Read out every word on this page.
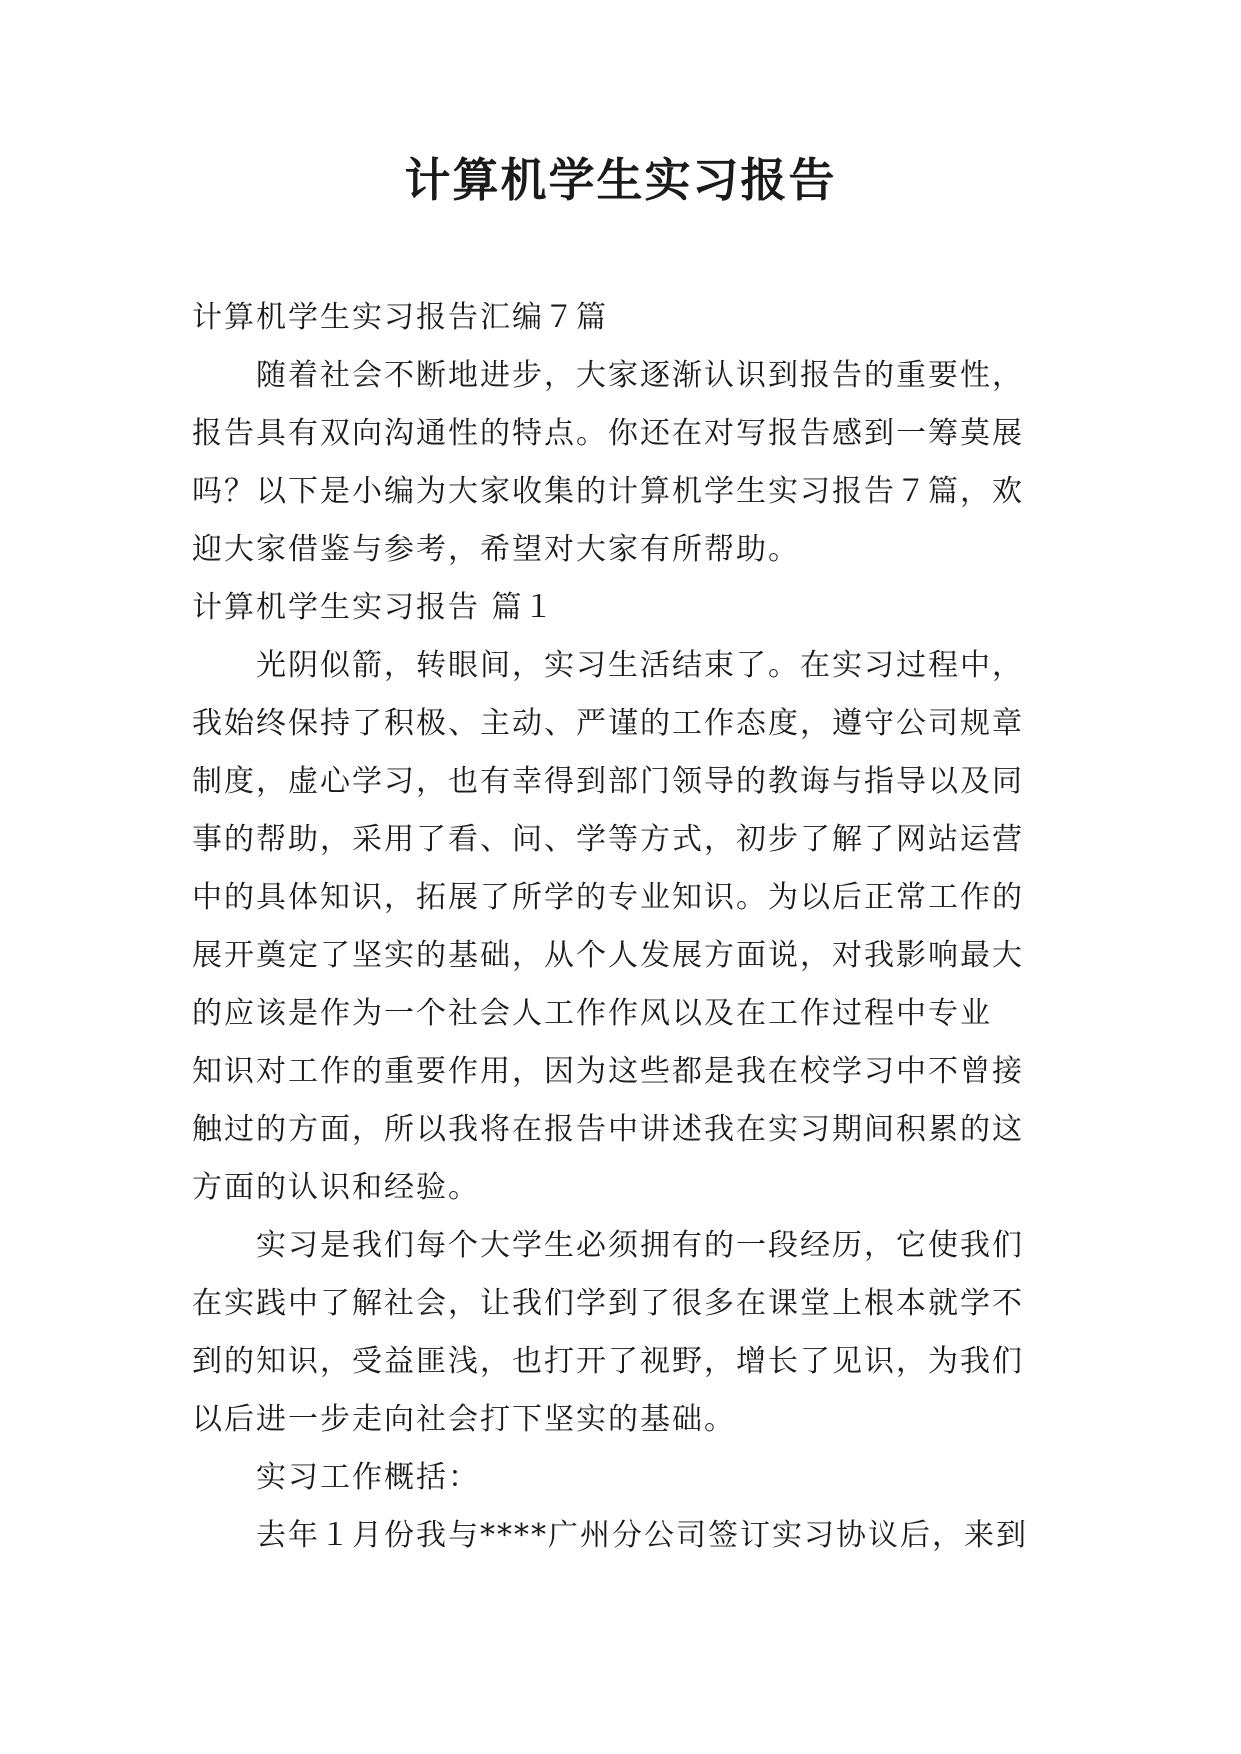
计算机学生实习报告
计算机学生实习报告汇编７篇
随着社会不断地进步，大家逐渐认识到报告的重要性，
报告具有双向沟通性的特点。你还在对写报告感到一筹莫展
吗？以下是小编为大家收集的计算机学生实习报告７篇，欢
迎大家借鉴与参考，希望对大家有所帮助。
计算机学生实习报告 篇１
光阴似箭，转眼间，实习生活结束了。在实习过程中，
我始终保持了积极、主动、严谨的工作态度，遵守公司规章
制度，虚心学习，也有幸得到部门领导的教诲与指导以及同
事的帮助，采用了看、问、学等方式，初步了解了网站运营
中的具体知识，拓展了所学的专业知识。为以后正常工作的
展开奠定了坚实的基础，从个人发展方面说，对我影响最大
的应该是作为一个社会人工作作风以及在工作过程中专业
知识对工作的重要作用，因为这些都是我在校学习中不曾接
触过的方面，所以我将在报告中讲述我在实习期间积累的这
方面的认识和经验。
实习是我们每个大学生必须拥有的一段经历，它使我们
在实践中了解社会，让我们学到了很多在课堂上根本就学不
到的知识，受益匪浅，也打开了视野，增长了见识，为我们
以后进一步走向社会打下坚实的基础。
实习工作概括：
去年１月份我与****广州分公司签订实习协议后，来到
